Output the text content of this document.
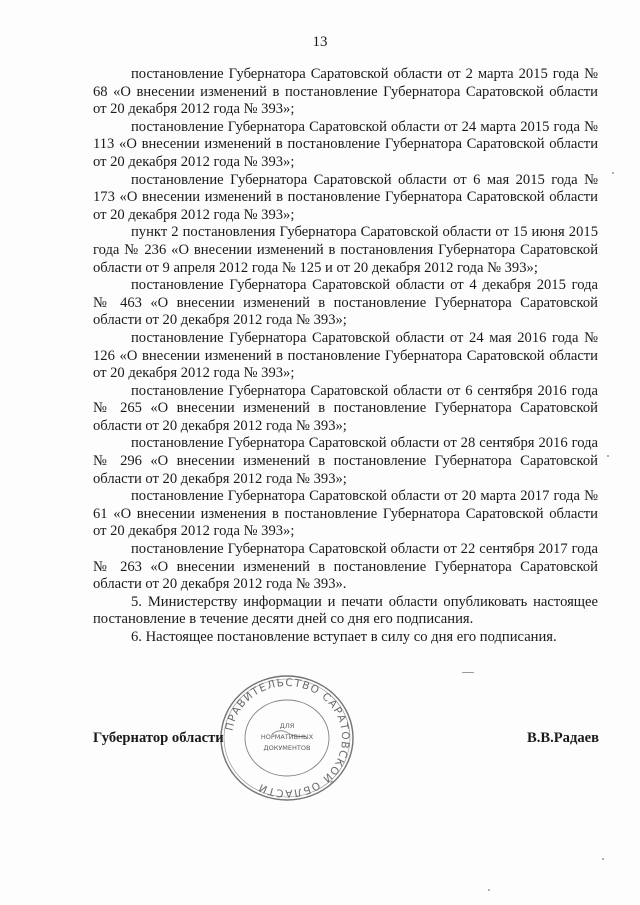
13

постановление Губернатора Саратовской области от 2 марта 2015 года № 68 «О внесении изменений в постановление Губернатора Саратовской области от 20 декабря 2012 года № 393»;

постановление Губернатора Саратовской области от 24 марта 2015 года № 113 «О внесении изменений в постановление Губернатора Саратовской области от 20 декабря 2012 года № 393»;

постановление Губернатора Саратовской области от 6 мая 2015 года № 173 «О внесении изменений в постановление Губернатора Саратовской области от 20 декабря 2012 года № 393»;

пункт 2 постановления Губернатора Саратовской области от 15 июня 2015 года № 236 «О внесении изменений в постановления Губернатора Саратовской области от 9 апреля 2012 года № 125 и от 20 декабря 2012 года № 393»;

постановление Губернатора Саратовской области от 4 декабря 2015 года № 463 «О внесении изменений в постановление Губернатора Саратовской области от 20 декабря 2012 года № 393»;

постановление Губернатора Саратовской области от 24 мая 2016 года № 126 «О внесении изменений в постановление Губернатора Саратовской области от 20 декабря 2012 года № 393»;

постановление Губернатора Саратовской области от 6 сентября 2016 года № 265 «О внесении изменений в постановление Губернатора Саратовской области от 20 декабря 2012 года № 393»;

постановление Губернатора Саратовской области от 28 сентября 2016 года № 296 «О внесении изменений в постановление Губернатора Саратовской области от 20 декабря 2012 года № 393»;

постановление Губернатора Саратовской области от 20 марта 2017 года № 61 «О внесении изменения в постановление Губернатора Саратовской области от 20 декабря 2012 года № 393»;

постановление Губернатора Саратовской области от 22 сентября 2017 года № 263 «О внесении изменений в постановление Губернатора Саратовской области от 20 декабря 2012 года № 393».

5. Министерству информации и печати области опубликовать настоящее постановление в течение десяти дней со дня его подписания.

6. Настоящее постановление вступает в силу со дня его подписания.

ПРАВИТЕЛЬСТВО САРАТОВСКОЙ ОБЛАСТИ
ДЛЯ
НОРМАТИВНЫХ
ДОКУМЕНТОВ
Губернатор области	В.В.Радаев
